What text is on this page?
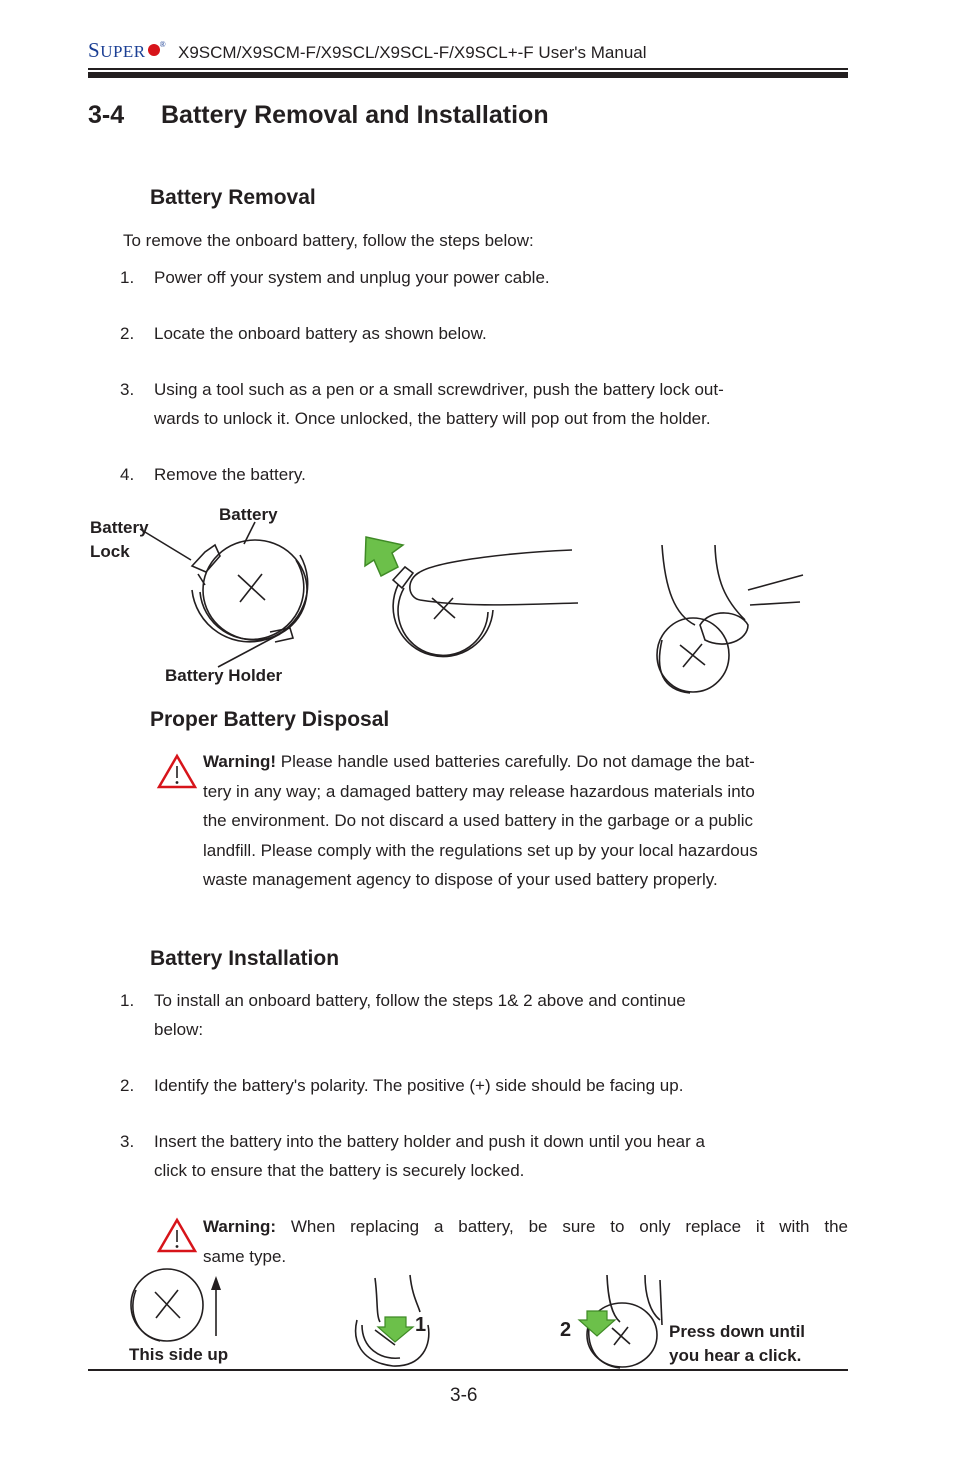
SUPER ® X9SCM/X9SCM-F/X9SCL/X9SCL-F/X9SCL+-F User's Manual
3-4 Battery Removal and Installation
Battery Removal
To remove the onboard battery, follow the steps below:
1. Power off your system and unplug your power cable.
2. Locate the onboard battery as shown below.
3. Using a tool such as a pen or a small screwdriver, push the battery lock out-
wards to unlock it. Once unlocked, the battery will pop out from the holder.
4. Remove the battery.
Battery
Lock
Battery
Battery Holder
Proper Battery Disposal
Warning! Please handle used batteries carefully. Do not damage the bat-
tery in any way; a damaged battery may release hazardous materials into
the environment. Do not discard a used battery in the garbage or a public
landfill. Please comply with the regulations set up by your local hazardous
waste management agency to dispose of your used battery properly.
Battery Installation
1. To install an onboard battery, follow the steps 1& 2 above and continue
below:
2. Identify the battery's polarity. The positive (+) side should be facing up.
3. Insert the battery into the battery holder and push it down until you hear a
click to ensure that the battery is securely locked.
Warning: When replacing a battery, be sure to only replace it with the
same type.
This side up
1	2	Press down until
you hear a click.
3-6
